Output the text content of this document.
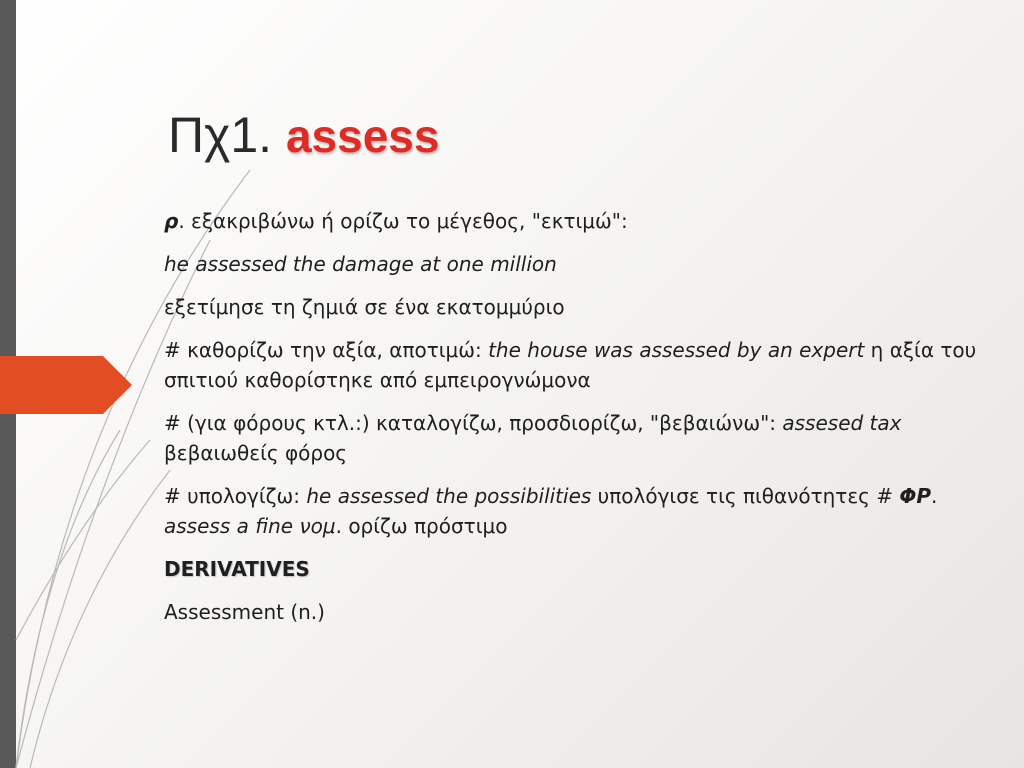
Πχ1. assess

ρ. εξακριβώνω ή ορίζω το μέγεθος, "εκτιμώ":

he assessed the damage at one million

εξετίμησε τη ζημιά σε ένα εκατομμύριο

# καθορίζω την αξία, αποτιμώ: the house was assessed by an expert η αξία του σπιτιού καθορίστηκε από εμπειρογνώμονα

# (για φόρους κτλ.:) καταλογίζω, προσδιορίζω, "βεβαιώνω": assesed tax βεβαιωθείς φόρος

# υπολογίζω: he assessed the possibilities υπολόγισε τις πιθανότητες # ΦΡ. assess a fine νομ. ορίζω πρόστιμο

DERIVATIVES

Assessment (n.)
